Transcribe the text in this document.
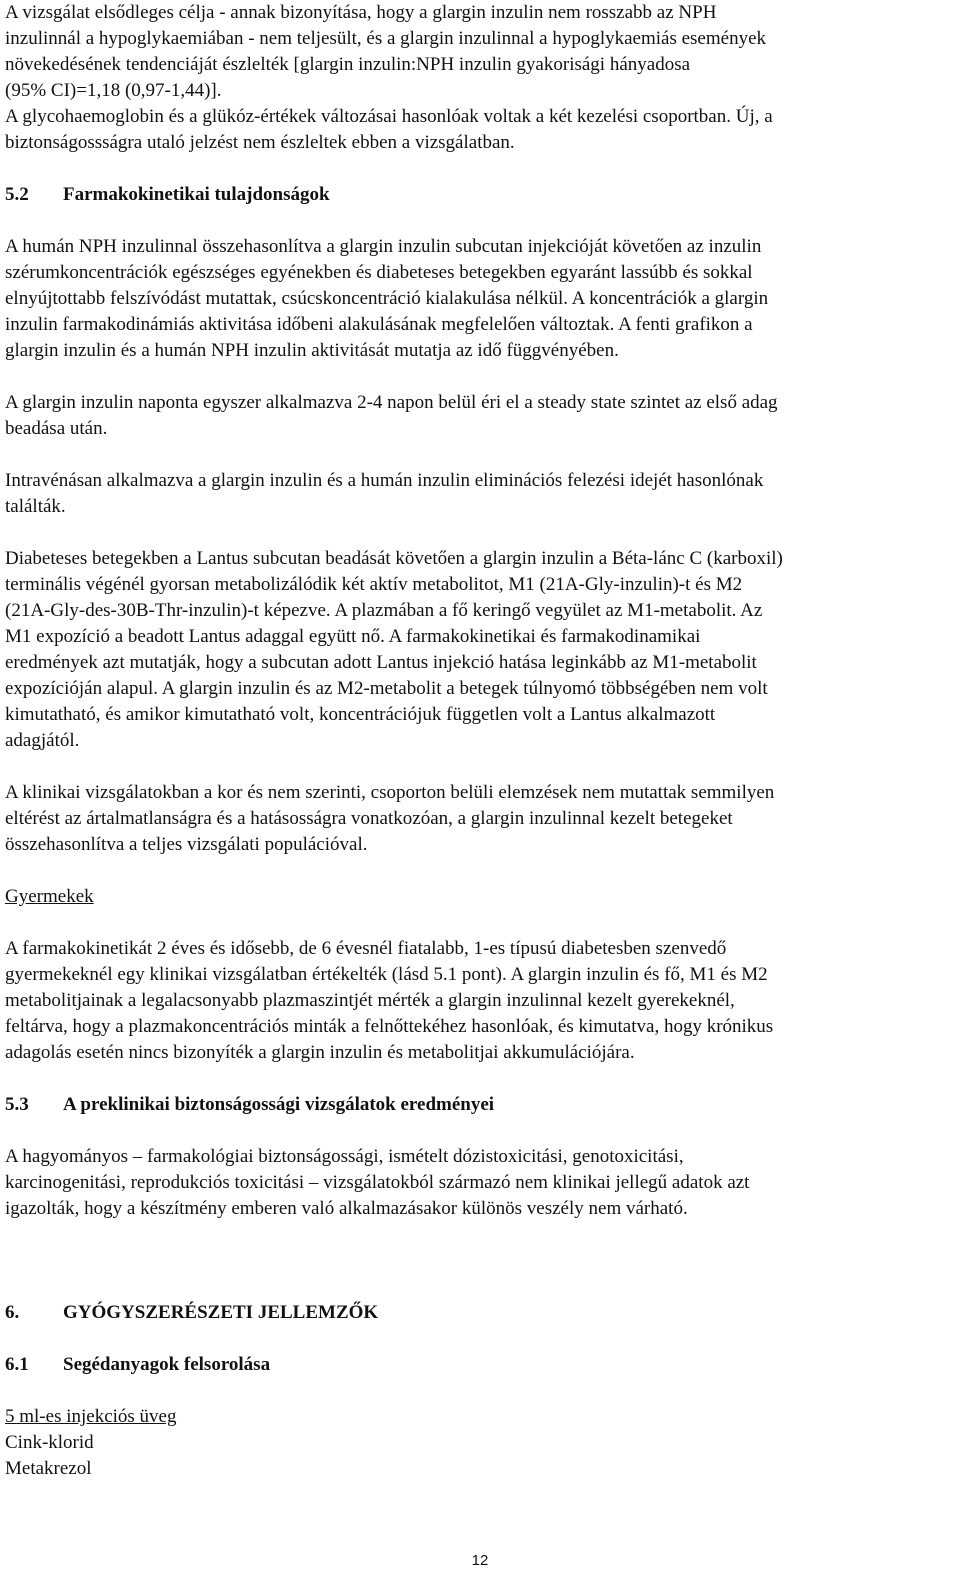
A vizsgálat elsődleges célja - annak bizonyítása, hogy a glargin inzulin nem rosszabb az NPH
inzulinnál a hypoglykaemiában - nem teljesült, és a glargin inzulinnal a hypoglykaemiás események
növekedésének tendenciáját észlelték [glargin inzulin:NPH inzulin gyakorisági hányadosa
(95% CI)=1,18 (0,97-1,44)].

A glycohaemoglobin és a glükóz-értékek változásai hasonlóak voltak a két kezelési csoportban. Új, a
biztonságossságra utaló jelzést nem észleltek ebben a vizsgálatban.

5.2 Farmakokinetikai tulajdonságok

A humán NPH inzulinnal összehasonlítva a glargin inzulin subcutan injekcióját követően az inzulin
szérumkoncentrációk egészséges egyénekben és diabeteses betegekben egyaránt lassúbb és sokkal
elnyújtottabb felszívódást mutattak, csúcskoncentráció kialakulása nélkül. A koncentrációk a glargin
inzulin farmakodinámiás aktivitása időbeni alakulásának megfelelően változtak. A fenti grafikon a
glargin inzulin és a humán NPH inzulin aktivitását mutatja az idő függvényében.

A glargin inzulin naponta egyszer alkalmazva 2-4 napon belül éri el a steady state szintet az első adag
beadása után.

Intravénásan alkalmazva a glargin inzulin és a humán inzulin eliminációs felezési idejét hasonlónak
találták.

Diabeteses betegekben a Lantus subcutan beadását követően a glargin inzulin a Béta-lánc C (karboxil)
terminális végénél gyorsan metabolizálódik két aktív metabolitot, M1 (21A-Gly-inzulin)-t és M2
(21A-Gly-des-30B-Thr-inzulin)-t képezve. A plazmában a fő keringő vegyület az M1-metabolit. Az
M1 expozíció a beadott Lantus adaggal együtt nő. A farmakokinetikai és farmakodinamikai
eredmények azt mutatják, hogy a subcutan adott Lantus injekció hatása leginkább az M1-metabolit
expozícióján alapul. A glargin inzulin és az M2-metabolit a betegek túlnyomó többségében nem volt
kimutatható, és amikor kimutatható volt, koncentrációjuk független volt a Lantus alkalmazott
adagjától.

A klinikai vizsgálatokban a kor és nem szerinti, csoporton belüli elemzések nem mutattak semmilyen
eltérést az ártalmatlanságra és a hatásosságra vonatkozóan, a glargin inzulinnal kezelt betegeket
összehasonlítva a teljes vizsgálati populációval.

Gyermekek

A farmakokinetikát 2 éves és idősebb, de 6 évesnél fiatalabb, 1-es típusú diabetesben szenvedő
gyermekeknél egy klinikai vizsgálatban értékelték (lásd 5.1 pont). A glargin inzulin és fő, M1 és M2
metabolitjainak a legalacsonyabb plazmaszintjét mérték a glargin inzulinnal kezelt gyerekeknél,
feltárva, hogy a plazmakoncentrációs minták a felnőttekéhez hasonlóak, és kimutatva, hogy krónikus
adagolás esetén nincs bizonyíték a glargin inzulin és metabolitjai akkumulációjára.

5.3 A preklinikai biztonságossági vizsgálatok eredményei

A hagyományos – farmakológiai biztonságossági, ismételt dózistoxicitási, genotoxicitási,
karcinogenitási, reprodukciós toxicitási – vizsgálatokból származó nem klinikai jellegű adatok azt
igazolták, hogy a készítmény emberen való alkalmazásakor különös veszély nem várható.

6. GYÓGYSZERÉSZETI JELLEMZŐK
6.1 Segédanyagok felsorolása
5 ml-es injekciós üveg
Cink-klorid
Metakrezol
12
